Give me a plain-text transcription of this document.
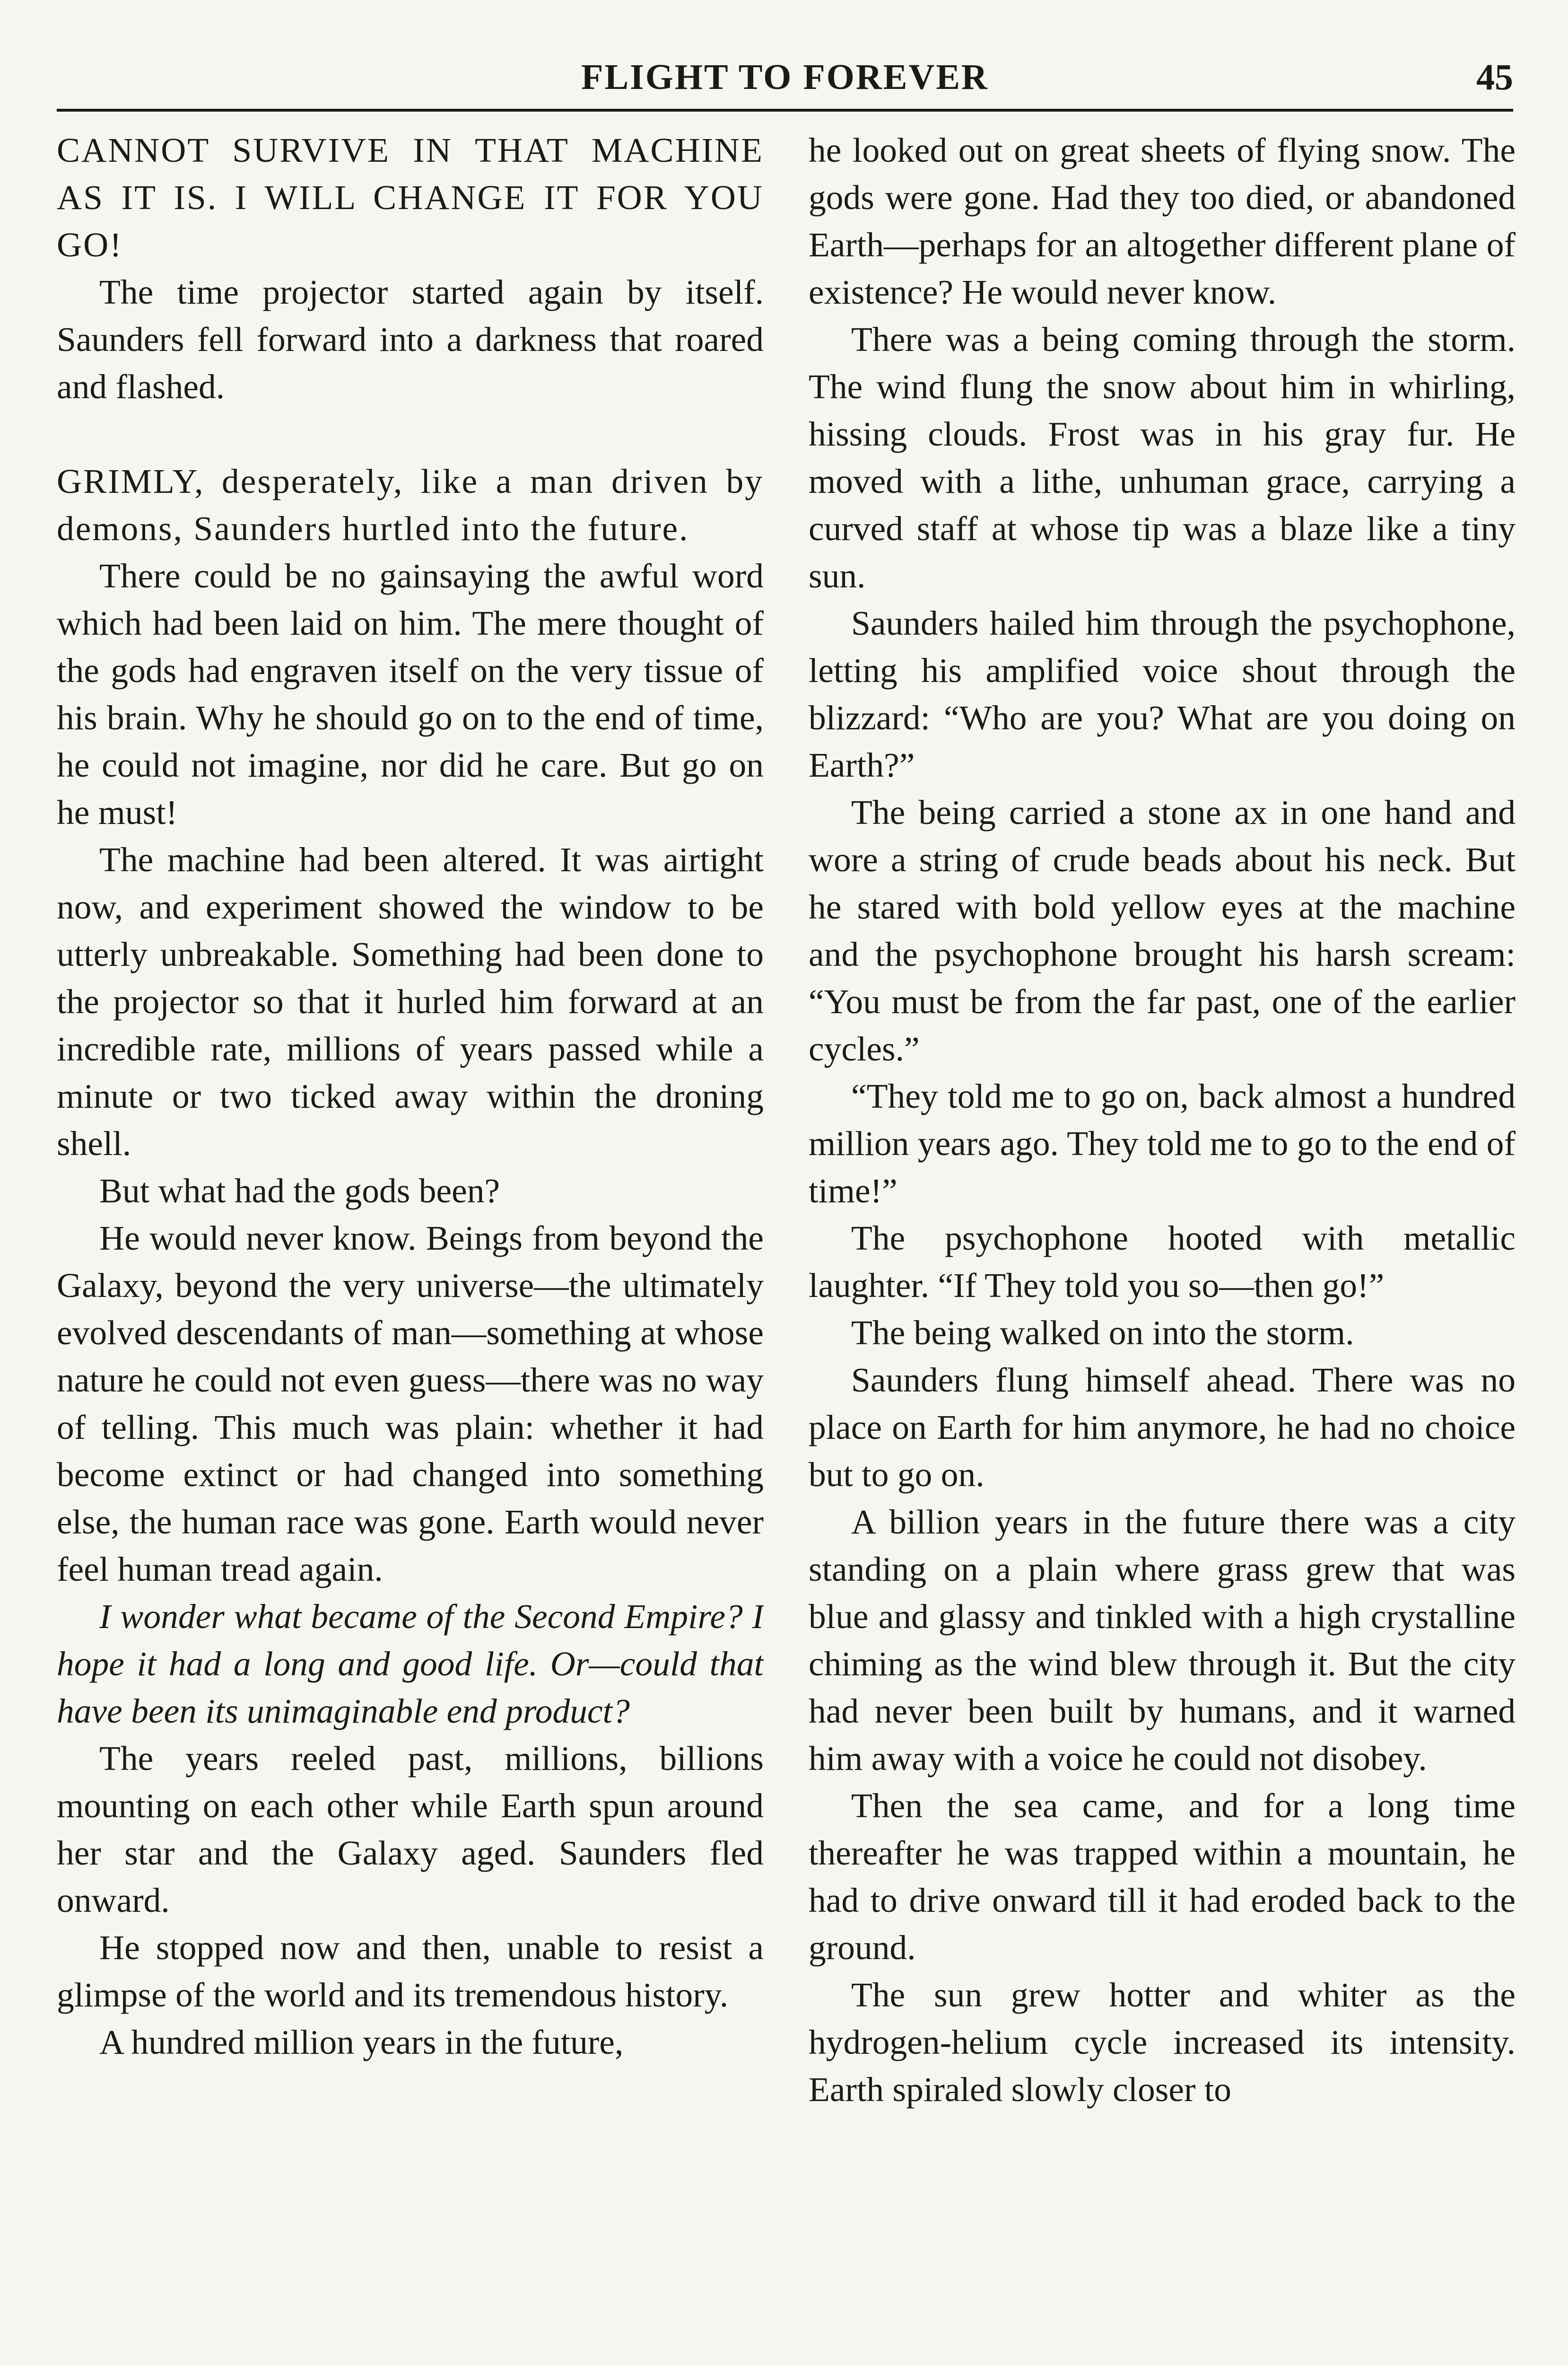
FLIGHT TO FOREVER	45

CANNOT SURVIVE IN THAT MACHINE AS IT IS. I WILL CHANGE IT FOR YOU GO!

The time projector started again by itself. Saunders fell forward into a darkness that roared and flashed.

GRIMLY, desperately, like a man driven by demons, Saunders hurtled into the future.

There could be no gainsaying the awful word which had been laid on him. The mere thought of the gods had engraven itself on the very tissue of his brain. Why he should go on to the end of time, he could not imagine, nor did he care. But go on he must!

The machine had been altered. It was airtight now, and experiment showed the window to be utterly unbreakable. Something had been done to the projector so that it hurled him forward at an incredible rate, millions of years passed while a minute or two ticked away within the droning shell.

But what had the gods been?

He would never know. Beings from beyond the Galaxy, beyond the very universe—the ultimately evolved descendants of man—something at whose nature he could not even guess—there was no way of telling. This much was plain: whether it had become extinct or had changed into something else, the human race was gone. Earth would never feel human tread again.

I wonder what became of the Second Empire? I hope it had a long and good life. Or—could that have been its unimaginable end product?

The years reeled past, millions, billions mounting on each other while Earth spun around her star and the Galaxy aged. Saunders fled onward.

He stopped now and then, unable to resist a glimpse of the world and its tremendous history.

A hundred million years in the future,

he looked out on great sheets of flying snow. The gods were gone. Had they too died, or abandoned Earth—perhaps for an altogether different plane of existence? He would never know.

There was a being coming through the storm. The wind flung the snow about him in whirling, hissing clouds. Frost was in his gray fur. He moved with a lithe, unhuman grace, carrying a curved staff at whose tip was a blaze like a tiny sun.

Saunders hailed him through the psychophone, letting his amplified voice shout through the blizzard: “Who are you? What are you doing on Earth?”

The being carried a stone ax in one hand and wore a string of crude beads about his neck. But he stared with bold yellow eyes at the machine and the psychophone brought his harsh scream: “You must be from the far past, one of the earlier cycles.”

“They told me to go on, back almost a hundred million years ago. They told me to go to the end of time!”

The psychophone hooted with metallic laughter. “If They told you so—then go!”

The being walked on into the storm.

Saunders flung himself ahead. There was no place on Earth for him anymore, he had no choice but to go on.

A billion years in the future there was a city standing on a plain where grass grew that was blue and glassy and tinkled with a high crystalline chiming as the wind blew through it. But the city had never been built by humans, and it warned him away with a voice he could not disobey.

Then the sea came, and for a long time thereafter he was trapped within a mountain, he had to drive onward till it had eroded back to the ground.

The sun grew hotter and whiter as the hydrogen-helium cycle increased its intensity. Earth spiraled slowly closer to
